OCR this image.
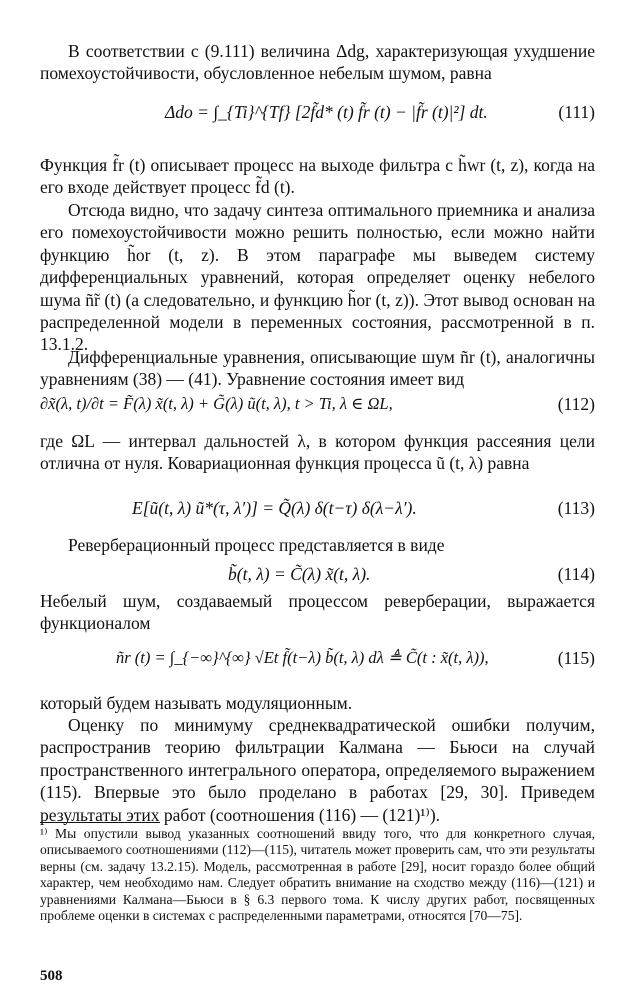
В соответствии с (9.111) величина Δdg, характеризующая ухудшение помехоустойчивости, обусловленное небелым шумом, равна
Δdo = ∫_{Ti}^{Tf} [2f̃d* (t) f̃r (t) − |f̃r (t)|²] dt.	(111)
Функция f̃r (t) описывает процесс на выходе фильтра с h̃wr (t, z), когда на его входе действует процесс f̃d (t).
Отсюда видно, что задачу синтеза оптимального приемника и анализа его помехоустойчивости можно решить полностью, если можно найти функцию h̃or (t, z). В этом параграфе мы выведем систему дифференциальных уравнений, которая определяет оценку небелого шума ñ̃r (t) (а следовательно, и функцию h̃or (t, z)). Этот вывод основан на распределенной модели в переменных состояния, рассмотренной в п. 13.1.2.
Дифференциальные уравнения, описывающие шум ñr (t), аналогичны уравнениям (38) — (41). Уравнение состояния имеет вид
∂x̃(λ, t)/∂t = F̃(λ) x̃(t, λ) + G̃(λ) ũ(t, λ), t > Ti, λ ∈ ΩL,	(112)
где ΩL — интервал дальностей λ, в котором функция рассеяния цели отлична от нуля. Ковариационная функция процесса ũ (t, λ) равна
E[ũ(t, λ) ũ*(τ, λ′)] = Q̃(λ) δ(t−τ) δ(λ−λ′).	(113)
Реверберационный процесс представляется в виде
b̃(t, λ) = C̃(λ) x̃(t, λ).	(114)
Небелый шум, создаваемый процессом реверберации, выражается функционалом
ñr (t) = ∫_{−∞}^{∞} √Et f̃(t−λ) b̃(t, λ) dλ ≜ C̃(t : x̃(t, λ)),	(115)
который будем называть модуляционным.
Оценку по минимуму среднеквадратической ошибки получим, распространив теорию фильтрации Калмана — Бьюси на случай пространственного интегрального оператора, определяемого выражением (115). Впервые это было проделано в работах [29, 30]. Приведем результаты этих работ (соотношения (116) — (121)¹⁾).
¹⁾ Мы опустили вывод указанных соотношений ввиду того, что для конкретного случая, описываемого соотношениями (112)—(115), читатель может проверить сам, что эти результаты верны (см. задачу 13.2.15). Модель, рассмотренная в работе [29], носит гораздо более общий характер, чем необходимо нам. Следует обратить внимание на сходство между (116)—(121) и уравнениями Калмана—Бьюси в § 6.3 первого тома. К числу других работ, посвященных проблеме оценки в системах с распределенными параметрами, относятся [70—75].
508
